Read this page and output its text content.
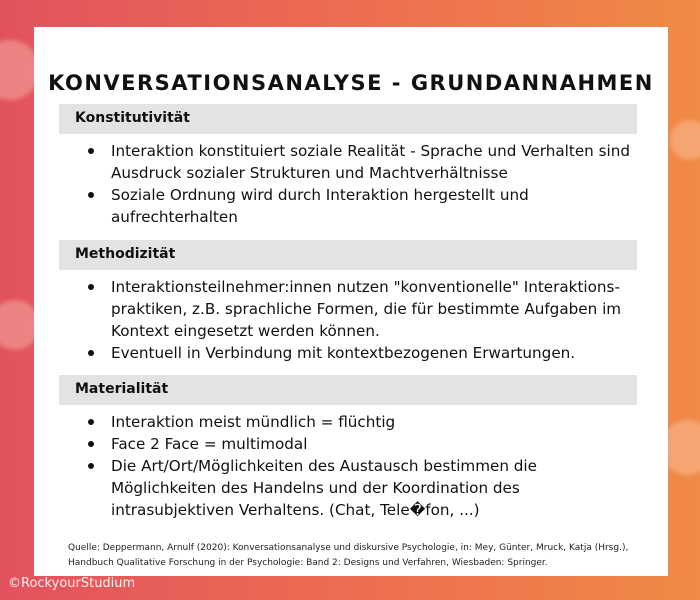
KONVERSATIONSANALYSE - GRUNDANNAHMEN
Konstitutivität
Interaktion konstituiert soziale Realität - Sprache und Verhalten sind Ausdruck sozialer Strukturen und Machtverhältnisse
Soziale Ordnung wird durch Interaktion hergestellt und aufrechterhalten
Methodizität
Interaktionsteilnehmer:innen nutzen "konventionelle" Interaktions-praktiken, z.B. sprachliche Formen, die für bestimmte Aufgaben im Kontext eingesetzt werden können.
Eventuell in Verbindung mit kontextbezogenen Erwartungen.
Materialität
Interaktion meist mündlich = flüchtig
Face 2 Face = multimodal
Die Art/Ort/Möglichkeiten des Austausch bestimmen die Möglichkeiten des Handelns und der Koordination des intrasubjektiven Verhaltens. (Chat, Tele�fon, ...)
Quelle: Deppermann, Arnulf (2020): Konversationsanalyse und diskursive Psychologie, in: Mey, Günter, Mruck, Katja (Hrsg.), Handbuch Qualitative Forschung in der Psychologie: Band 2: Designs und Verfahren, Wiesbaden: Springer.
©RockyourStudium
